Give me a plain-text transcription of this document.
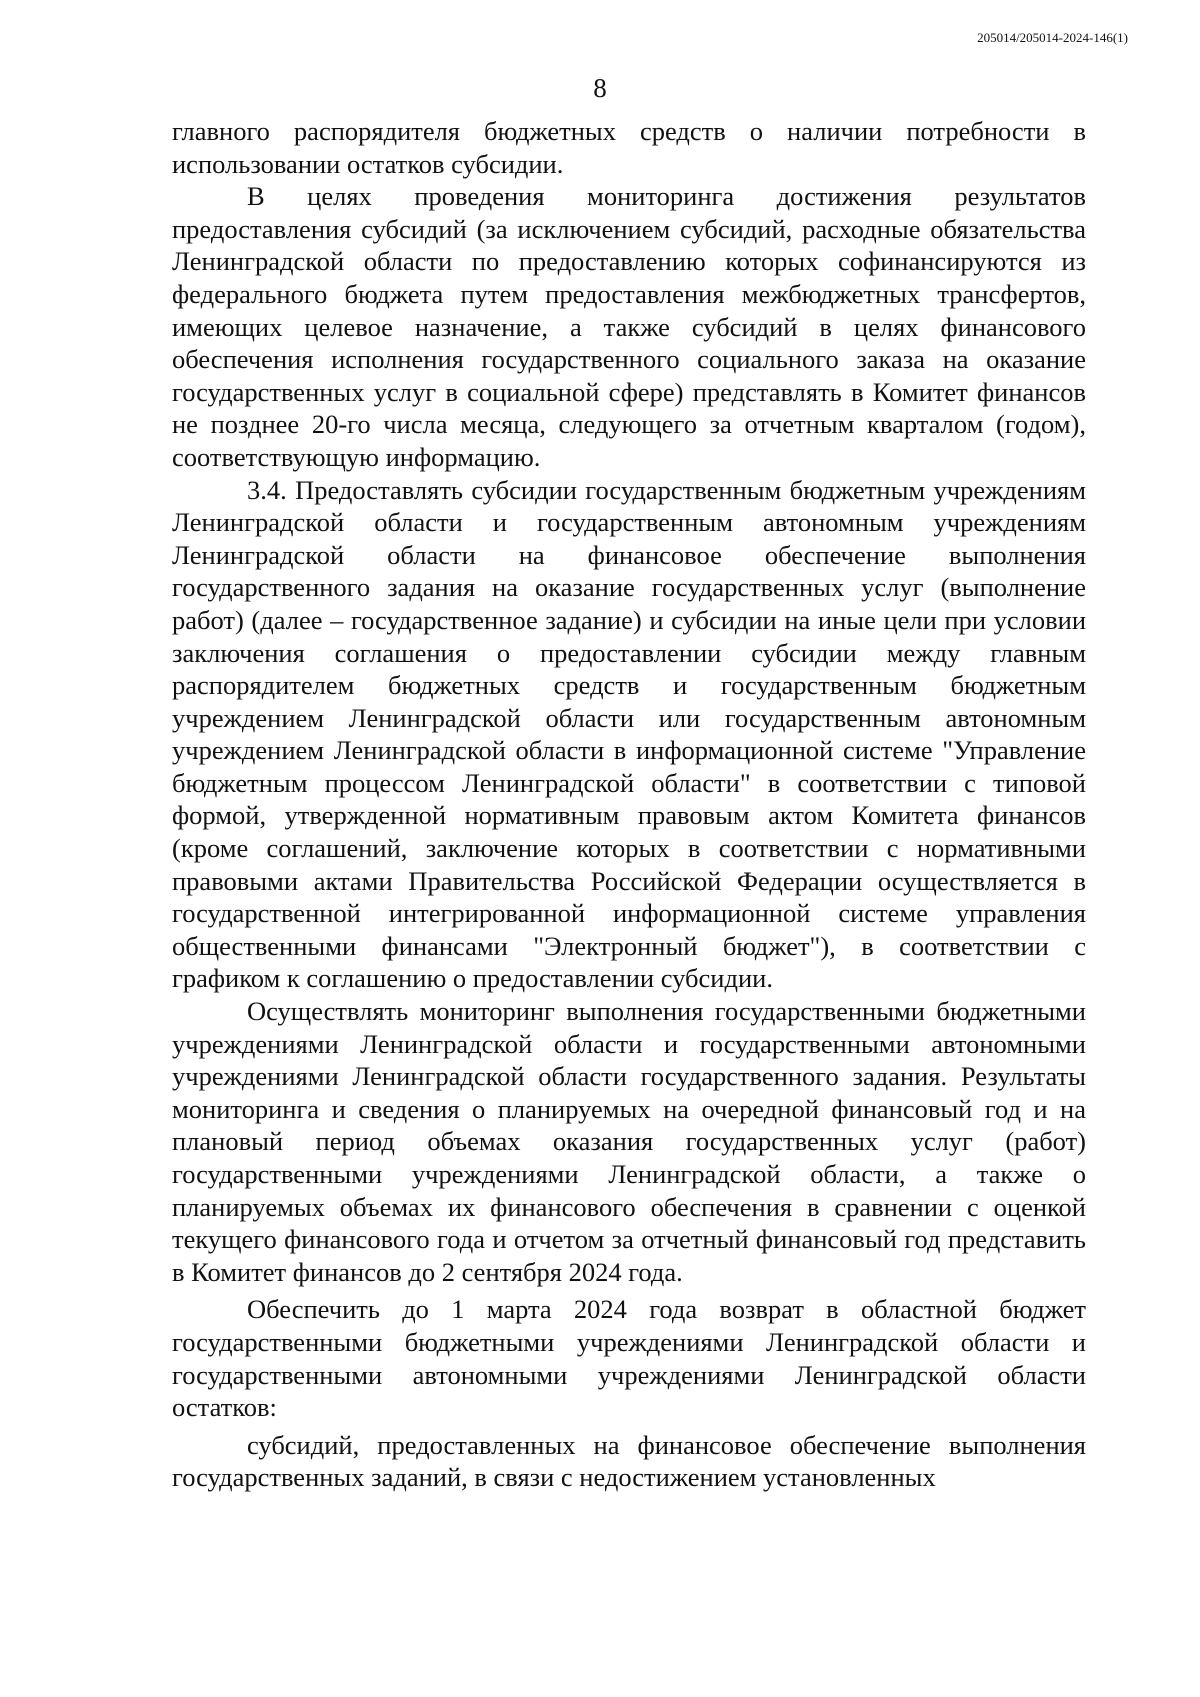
205014/205014-2024-146(1)
8

главного распорядителя бюджетных средств о наличии потребности в использовании остатков субсидии.

В целях проведения мониторинга достижения результатов предоставления субсидий (за исключением субсидий, расходные обязательства Ленинградской области по предоставлению которых софинансируются из федерального бюджета путем предоставления межбюджетных трансфертов, имеющих целевое назначение, а также субсидий в целях финансового обеспечения исполнения государственного социального заказа на оказание государственных услуг в социальной сфере) представлять в Комитет финансов не позднее 20-го числа месяца, следующего за отчетным кварталом (годом), соответствующую информацию.

3.4. Предоставлять субсидии государственным бюджетным учреждениям Ленинградской области и государственным автономным учреждениям Ленинградской области на финансовое обеспечение выполнения государственного задания на оказание государственных услуг (выполнение работ) (далее – государственное задание) и субсидии на иные цели при условии заключения соглашения о предоставлении субсидии между главным распорядителем бюджетных средств и государственным бюджетным учреждением Ленинградской области или государственным автономным учреждением Ленинградской области в информационной системе "Управление бюджетным процессом Ленинградской области" в соответствии с типовой формой, утвержденной нормативным правовым актом Комитета финансов (кроме соглашений, заключение которых в соответствии с нормативными правовыми актами Правительства Российской Федерации осуществляется в государственной интегрированной информационной системе управления общественными финансами "Электронный бюджет"), в соответствии с графиком к соглашению о предоставлении субсидии.

Осуществлять мониторинг выполнения государственными бюджетными учреждениями Ленинградской области и государственными автономными учреждениями Ленинградской области государственного задания. Результаты мониторинга и сведения о планируемых на очередной финансовый год и на плановый период объемах оказания государственных услуг (работ) государственными учреждениями Ленинградской области, а также о планируемых объемах их финансового обеспечения в сравнении с оценкой текущего финансового года и отчетом за отчетный финансовый год представить в Комитет финансов до 2 сентября 2024 года.

Обеспечить до 1 марта 2024 года возврат в областной бюджет государственными бюджетными учреждениями Ленинградской области и государственными автономными учреждениями Ленинградской области остатков:

субсидий, предоставленных на финансовое обеспечение выполнения государственных заданий, в связи с недостижением установленных
